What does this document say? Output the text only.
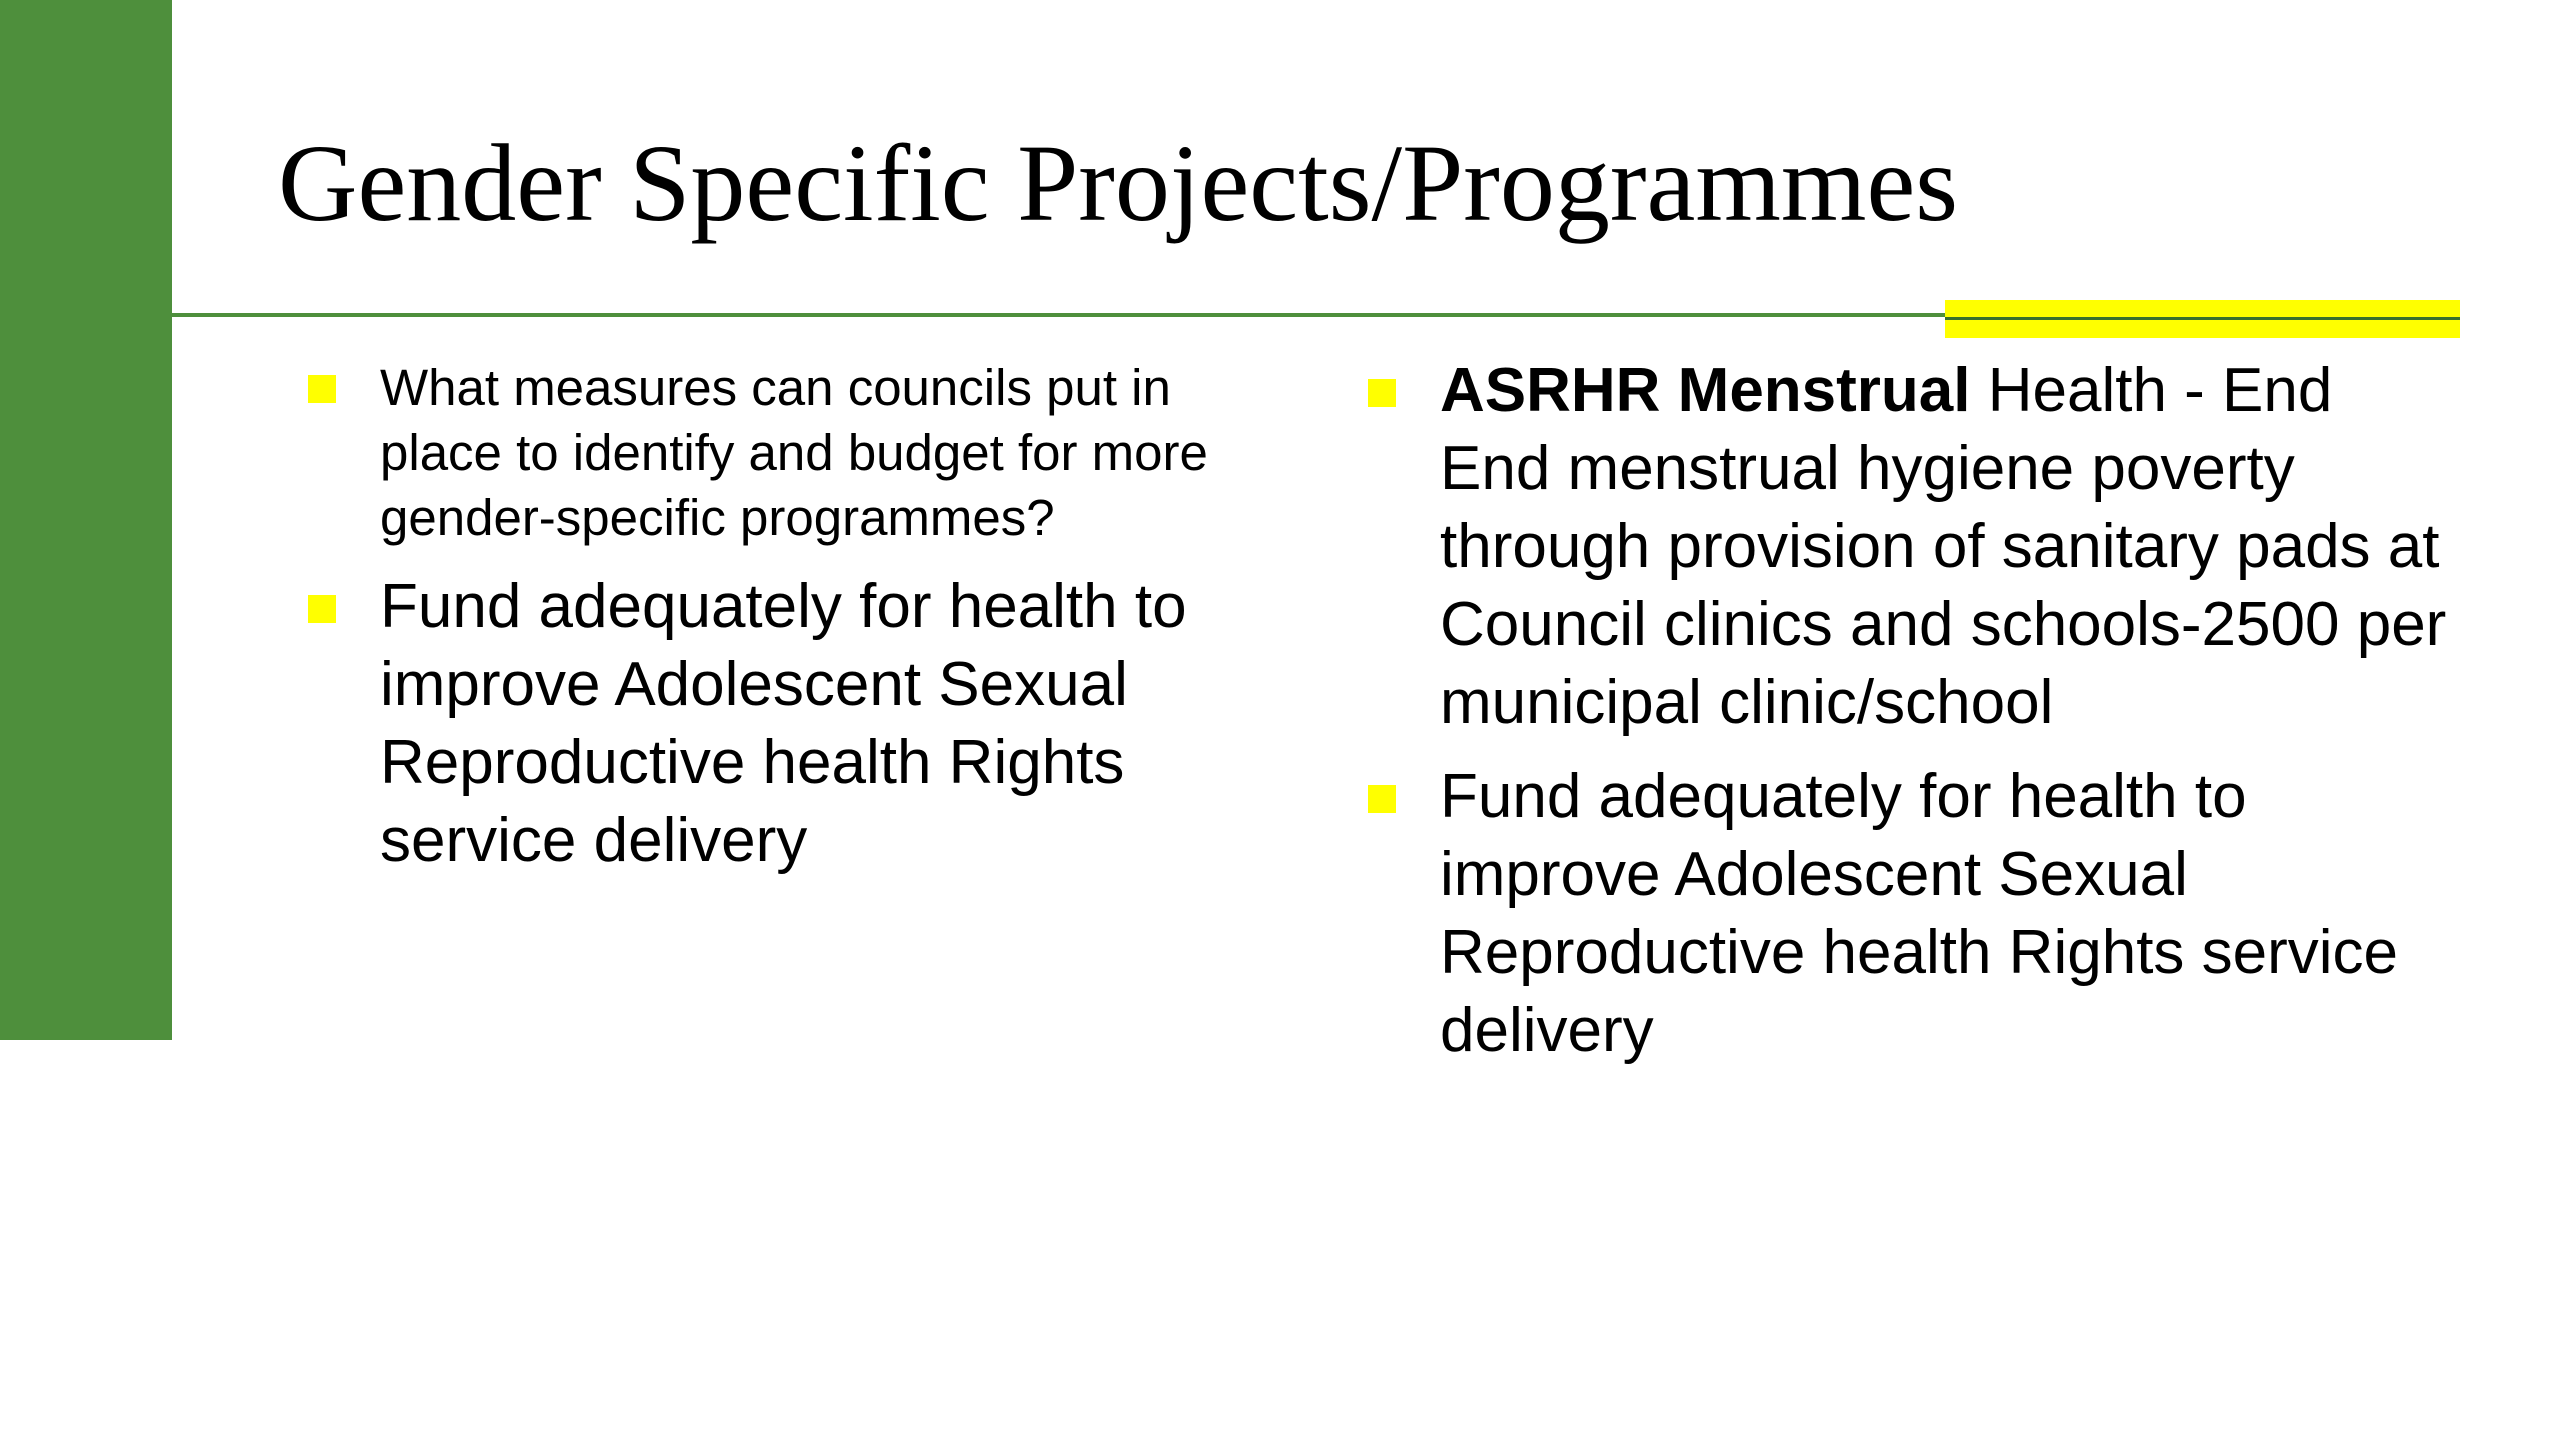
Gender Specific Projects/Programmes
What measures can councils put in place to identify and budget for more gender-specific programmes?
Fund adequately for health to improve Adolescent Sexual Reproductive health Rights service delivery
ASRHR Menstrual Health - End End menstrual hygiene poverty through provision of sanitary pads at Council clinics and schools-2500 per municipal clinic/school
Fund adequately for health to improve Adolescent Sexual Reproductive health Rights service delivery
